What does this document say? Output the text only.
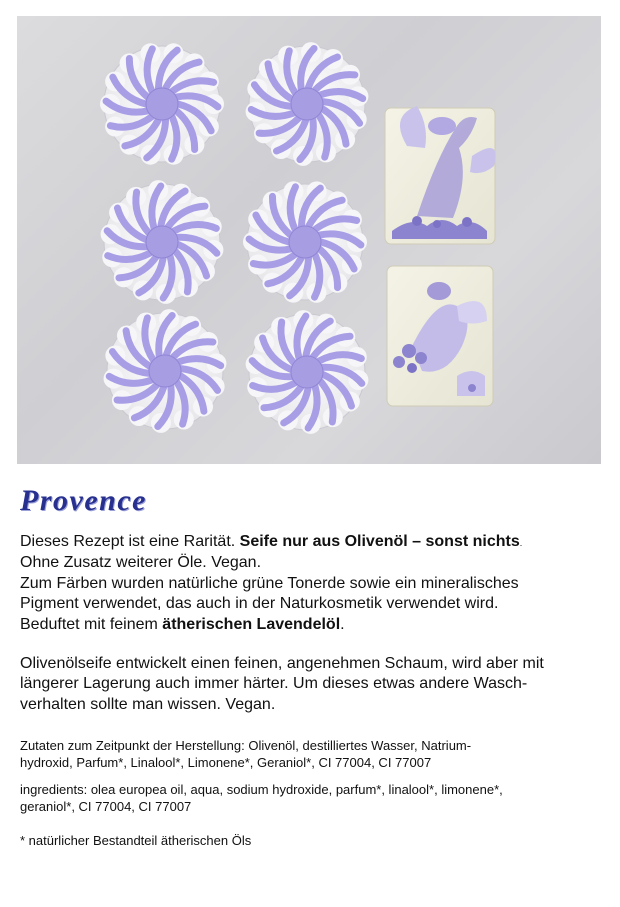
Provence
Dieses Rezept ist eine Rarität. Seife nur aus Olivenöl – sonst nichts.
Ohne Zusatz weiterer Öle. Vegan.
Zum Färben wurden natürliche grüne Tonerde sowie ein mineralisches
Pigment verwendet, das auch in der Naturkosmetik verwendet wird.
Beduftet mit feinem ätherischen Lavendelöl.
Olivenölseife entwickelt einen feinen, angenehmen Schaum, wird aber mit
längerer Lagerung auch immer härter. Um dieses etwas andere Wasch-
verhalten sollte man wissen. Vegan.
Zutaten zum Zeitpunkt der Herstellung: Olivenöl, destilliertes Wasser, Natrium-
hydroxid, Parfum*, Linalool*, Limonene*, Geraniol*, CI 77004, CI 77007
ingredients: olea europea oil, aqua, sodium hydroxide, parfum*, linalool*, limonene*,
geraniol*, CI 77004, CI 77007
* natürlicher Bestandteil ätherischen Öls
